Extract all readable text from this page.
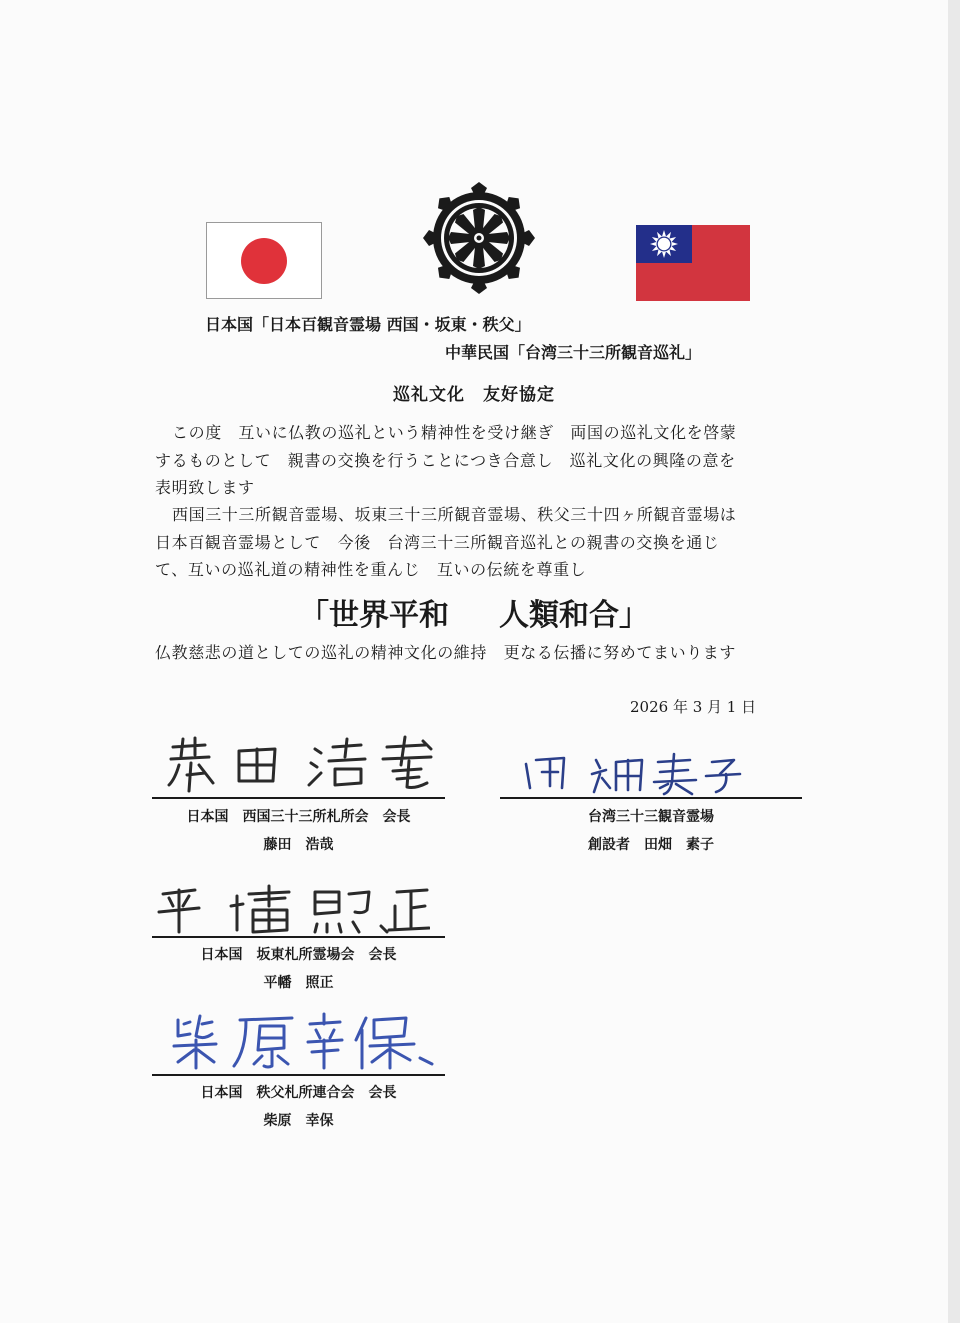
日本国「日本百観音霊場 西国・坂東・秩父」
中華民国「台湾三十三所観音巡礼」
巡礼文化　友好協定
この度　互いに仏教の巡礼という精神性を受け継ぎ　両国の巡礼文化を啓蒙
するものとして　親書の交換を行うことにつき合意し　巡礼文化の興隆の意を
表明致します
西国三十三所観音霊場、坂東三十三所観音霊場、秩父三十四ヶ所観音霊場は
日本百観音霊場として　今後　台湾三十三所観音巡礼との親書の交換を通じ
て、互いの巡礼道の精神性を重んじ　互いの伝統を尊重し
「世界平和 人類和合」
仏教慈悲の道としての巡礼の精神文化の維持　更なる伝播に努めてまいります
2026 年 3 月 1 日
日本国　西国三十三所札所会　会長
藤田　浩哉
台湾三十三観音霊場
創設者　田畑　素子
日本国　坂東札所霊場会　会長
平幡　照正
日本国　秩父札所連合会　会長
柴原　幸保
